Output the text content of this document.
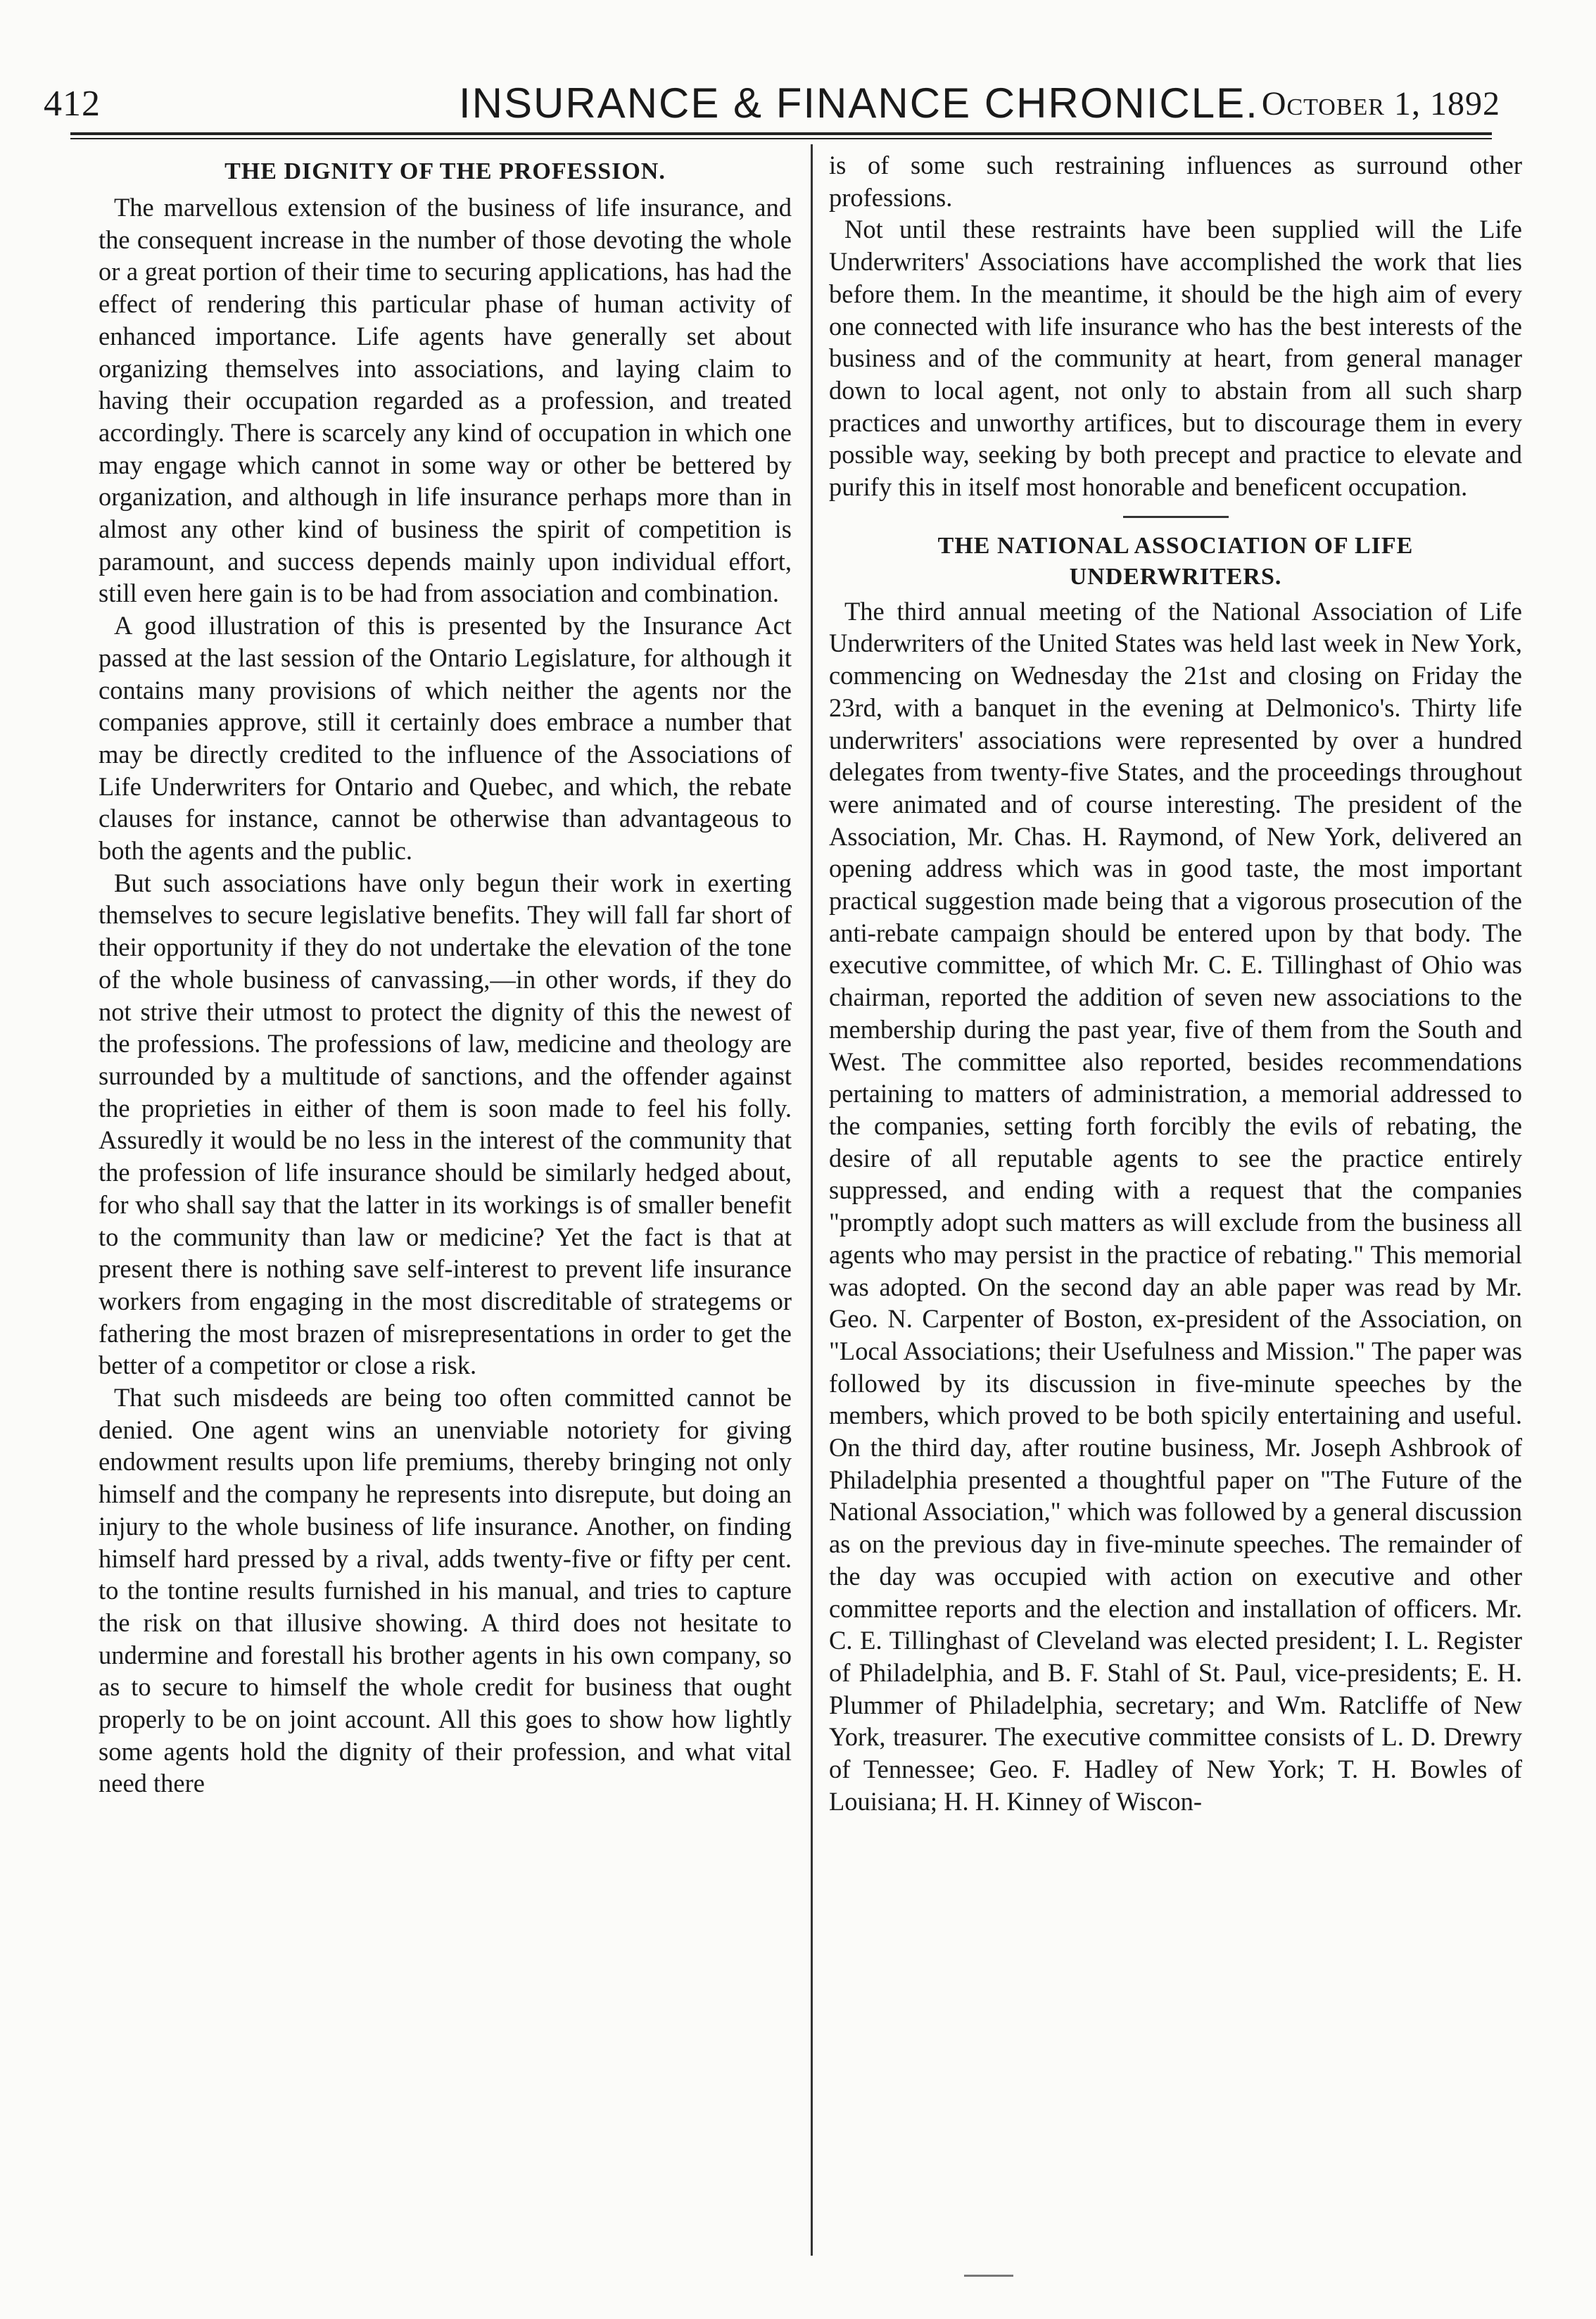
412	INSURANCE & FINANCE CHRONICLE. October 1, 1892
THE DIGNITY OF THE PROFESSION.

The marvellous extension of the business of life insurance, and the consequent increase in the number of those devoting the whole or a great portion of their time to securing applications, has had the effect of rendering this particular phase of human activity of enhanced importance. Life agents have generally set about organizing themselves into associations, and laying claim to having their occupation regarded as a profession, and treated accordingly. There is scarcely any kind of occupation in which one may engage which cannot in some way or other be bettered by organization, and although in life insurance perhaps more than in almost any other kind of business the spirit of competition is paramount, and success depends mainly upon individual effort, still even here gain is to be had from association and combination.

A good illustration of this is presented by the Insurance Act passed at the last session of the Ontario Legislature, for although it contains many provisions of which neither the agents nor the companies approve, still it certainly does embrace a number that may be directly credited to the influence of the Associations of Life Underwriters for Ontario and Quebec, and which, the rebate clauses for instance, cannot be otherwise than advantageous to both the agents and the public.

But such associations have only begun their work in exerting themselves to secure legislative benefits. They will fall far short of their opportunity if they do not undertake the elevation of the tone of the whole business of canvassing,—in other words, if they do not strive their utmost to protect the dignity of this the newest of the professions. The professions of law, medicine and theology are surrounded by a multitude of sanctions, and the offender against the proprieties in either of them is soon made to feel his folly. Assuredly it would be no less in the interest of the community that the profession of life insurance should be similarly hedged about, for who shall say that the latter in its workings is of smaller benefit to the community than law or medicine? Yet the fact is that at present there is nothing save self-interest to prevent life insurance workers from engaging in the most discreditable of strategems or fathering the most brazen of misrepresentations in order to get the better of a competitor or close a risk.

That such misdeeds are being too often committed cannot be denied. One agent wins an unenviable notoriety for giving endowment results upon life premiums, thereby bringing not only himself and the company he represents into disrepute, but doing an injury to the whole business of life insurance. Another, on finding himself hard pressed by a rival, adds twenty-five or fifty per cent. to the tontine results furnished in his manual, and tries to capture the risk on that illusive showing. A third does not hesitate to undermine and forestall his brother agents in his own company, so as to secure to himself the whole credit for business that ought properly to be on joint account. All this goes to show how lightly some agents hold the dignity of their profession, and what vital need there

is of some such restraining influences as surround other professions.

Not until these restraints have been supplied will the Life Underwriters' Associations have accomplished the work that lies before them. In the meantime, it should be the high aim of every one connected with life insurance who has the best interests of the business and of the community at heart, from general manager down to local agent, not only to abstain from all such sharp practices and unworthy artifices, but to discourage them in every possible way, seeking by both precept and practice to elevate and purify this in itself most honorable and beneficent occupation.

THE NATIONAL ASSOCIATION OF LIFE UNDERWRITERS.

The third annual meeting of the National Association of Life Underwriters of the United States was held last week in New York, commencing on Wednesday the 21st and closing on Friday the 23rd, with a banquet in the evening at Delmonico's. Thirty life underwriters' associations were represented by over a hundred delegates from twenty-five States, and the proceedings throughout were animated and of course interesting. The president of the Association, Mr. Chas. H. Raymond, of New York, delivered an opening address which was in good taste, the most important practical suggestion made being that a vigorous prosecution of the anti-rebate campaign should be entered upon by that body. The executive committee, of which Mr. C. E. Tillinghast of Ohio was chairman, reported the addition of seven new associations to the membership during the past year, five of them from the South and West. The committee also reported, besides recommendations pertaining to matters of administration, a memorial addressed to the companies, setting forth forcibly the evils of rebating, the desire of all reputable agents to see the practice entirely suppressed, and ending with a request that the companies "promptly adopt such matters as will exclude from the business all agents who may persist in the practice of rebating." This memorial was adopted. On the second day an able paper was read by Mr. Geo. N. Carpenter of Boston, ex-president of the Association, on "Local Associations; their Usefulness and Mission." The paper was followed by its discussion in five-minute speeches by the members, which proved to be both spicily entertaining and useful. On the third day, after routine business, Mr. Joseph Ashbrook of Philadelphia presented a thoughtful paper on "The Future of the National Association," which was followed by a general discussion as on the previous day in five-minute speeches. The remainder of the day was occupied with action on executive and other committee reports and the election and installation of officers. Mr. C. E. Tillinghast of Cleveland was elected president; I. L. Register of Philadelphia, and B. F. Stahl of St. Paul, vice-presidents; E. H. Plummer of Philadelphia, secretary; and Wm. Ratcliffe of New York, treasurer. The executive committee consists of L. D. Drewry of Tennessee; Geo. F. Hadley of New York; T. H. Bowles of Louisiana; H. H. Kinney of Wiscon-
